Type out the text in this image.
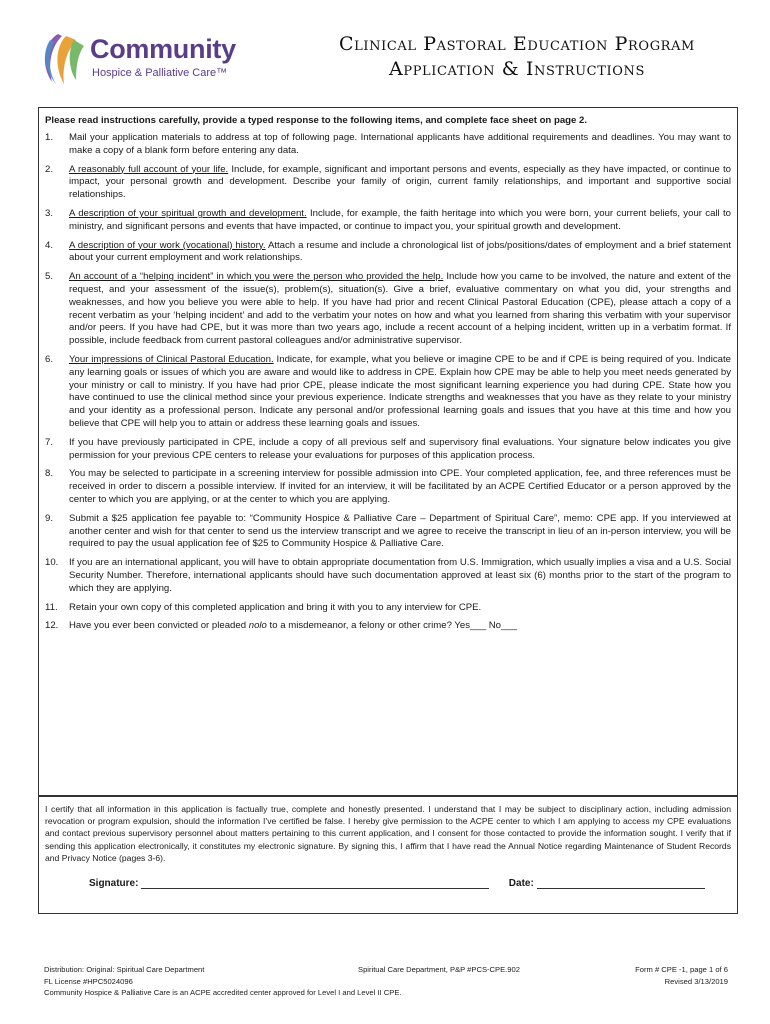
Community
Hospice & Palliative Care™
Clinical Pastoral Education Program
Application & Instructions
Please read instructions carefully, provide a typed response to the following items, and complete face sheet on page 2.
1. Mail your application materials to address at top of following page. International applicants have additional requirements and deadlines. You may want to make a copy of a blank form before entering any data.
2. A reasonably full account of your life. Include, for example, significant and important persons and events, especially as they have impacted, or continue to impact, your personal growth and development. Describe your family of origin, current family relationships, and important and supportive social relationships.
3. A description of your spiritual growth and development. Include, for example, the faith heritage into which you were born, your current beliefs, your call to ministry, and significant persons and events that have impacted, or continue to impact you, your spiritual growth and development.
4. A description of your work (vocational) history. Attach a resume and include a chronological list of jobs/positions/dates of employment and a brief statement about your current employment and work relationships.
5. An account of a “helping incident” in which you were the person who provided the help. Include how you came to be involved, the nature and extent of the request, and your assessment of the issue(s), problem(s), situation(s). Give a brief, evaluative commentary on what you did, your strengths and weaknesses, and how you believe you were able to help. If you have had prior and recent Clinical Pastoral Education (CPE), please attach a copy of a recent verbatim as your ‘helping incident’ and add to the verbatim your notes on how and what you learned from sharing this verbatim with your supervisor and/or peers. If you have had CPE, but it was more than two years ago, include a recent account of a helping incident, written up in a verbatim format. If possible, include feedback from current pastoral colleagues and/or administrative supervisor.
6. Your impressions of Clinical Pastoral Education. Indicate, for example, what you believe or imagine CPE to be and if CPE is being required of you. Indicate any learning goals or issues of which you are aware and would like to address in CPE. Explain how CPE may be able to help you meet needs generated by your ministry or call to ministry. If you have had prior CPE, please indicate the most significant learning experience you had during CPE. State how you have continued to use the clinical method since your previous experience. Indicate strengths and weaknesses that you have as they relate to your ministry and your identity as a professional person. Indicate any personal and/or professional learning goals and issues that you have at this time and how you believe that CPE will help you to attain or address these learning goals and issues.
7. If you have previously participated in CPE, include a copy of all previous self and supervisory final evaluations. Your signature below indicates you give permission for your previous CPE centers to release your evaluations for purposes of this application process.
8. You may be selected to participate in a screening interview for possible admission into CPE. Your completed application, fee, and three references must be received in order to discern a possible interview. If invited for an interview, it will be facilitated by an ACPE Certified Educator or a person approved by the center to which you are applying, or at the center to which you are applying.
9. Submit a $25 application fee payable to: “Community Hospice & Palliative Care – Department of Spiritual Care”, memo: CPE app. If you interviewed at another center and wish for that center to send us the interview transcript and we agree to receive the transcript in lieu of an in-person interview, you will be required to pay the usual application fee of $25 to Community Hospice & Palliative Care.
10. If you are an international applicant, you will have to obtain appropriate documentation from U.S. Immigration, which usually implies a visa and a U.S. Social Security Number. Therefore, international applicants should have such documentation approved at least six (6) months prior to the start of the program to which they are applying.
11. Retain your own copy of this completed application and bring it with you to any interview for CPE.
12. Have you ever been convicted or pleaded nolo to a misdemeanor, a felony or other crime? Yes___ No___
I certify that all information in this application is factually true, complete and honestly presented. I understand that I may be subject to disciplinary action, including admission revocation or program expulsion, should the information I’ve certified be false. I hereby give permission to the ACPE center to which I am applying to access my CPE evaluations and contact previous supervisory personnel about matters pertaining to this current application, and I consent for those contacted to provide the information sought. I verify that if sending this application electronically, it constitutes my electronic signature. By signing this, I affirm that I have read the Annual Notice regarding Maintenance of Student Records and Privacy Notice (pages 3-6).
Signature:	Date:
Distribution: Original: Spiritual Care Department
FL License #HPC5024096
Community Hospice & Palliative Care is an ACPE accredited center approved for Level I and Level II CPE.
Spiritual Care Department, P&P #PCS-CPE.902	Form # CPE -1, page 1 of 6
Revised 3/13/2019
